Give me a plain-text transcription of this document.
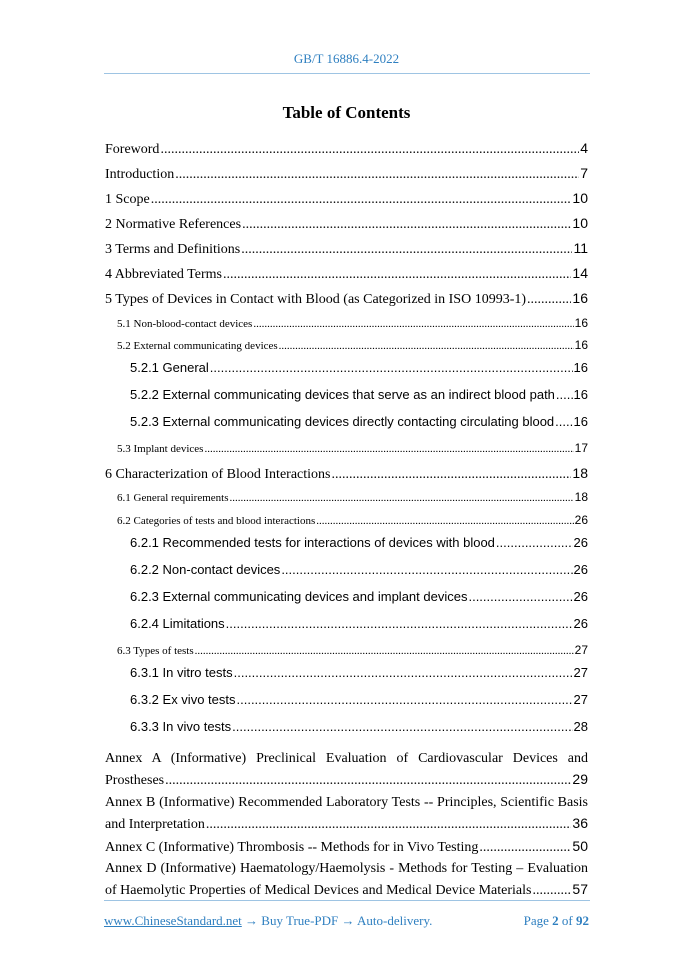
GB/T 16886.4-2022
Table of Contents
Foreword .....	4
Introduction .....	7
1 Scope .....	10
2 Normative References .....	10
3 Terms and Definitions .....	11
4 Abbreviated Terms .....	14
5 Types of Devices in Contact with Blood (as Categorized in ISO 10993-1) .....	16
5.1 Non-blood-contact devices .....	16
5.2 External communicating devices .....	16
5.2.1 General .....	16
5.2.2 External communicating devices that serve as an indirect blood path ..... 16
5.2.3 External communicating devices directly contacting circulating blood ..... 16
5.3 Implant devices .....	17
6 Characterization of Blood Interactions .....	18
6.1 General requirements .....	18
6.2 Categories of tests and blood interactions .....	26
6.2.1 Recommended tests for interactions of devices with blood .....	26
6.2.2 Non-contact devices .....	26
6.2.3 External communicating devices and implant devices .....	26
6.2.4 Limitations .....	26
6.3 Types of tests .....	27
6.3.1 In vitro tests .....	27
6.3.2 Ex vivo tests .....	27
6.3.3 In vivo tests .....	28
Annex A (Informative) Preclinical Evaluation of Cardiovascular Devices and
Prostheses .....	29
Annex B (Informative) Recommended Laboratory Tests -- Principles, Scientific Basis
and Interpretation .....	36
Annex C (Informative) Thrombosis -- Methods for in Vivo Testing .....	50
Annex D (Informative) Haematology/Haemolysis - Methods for Testing – Evaluation
of Haemolytic Properties of Medical Devices and Medical Device Materials .....	57
www.ChineseStandard.net → Buy True-PDF → Auto-delivery.	Page 2 of 92
